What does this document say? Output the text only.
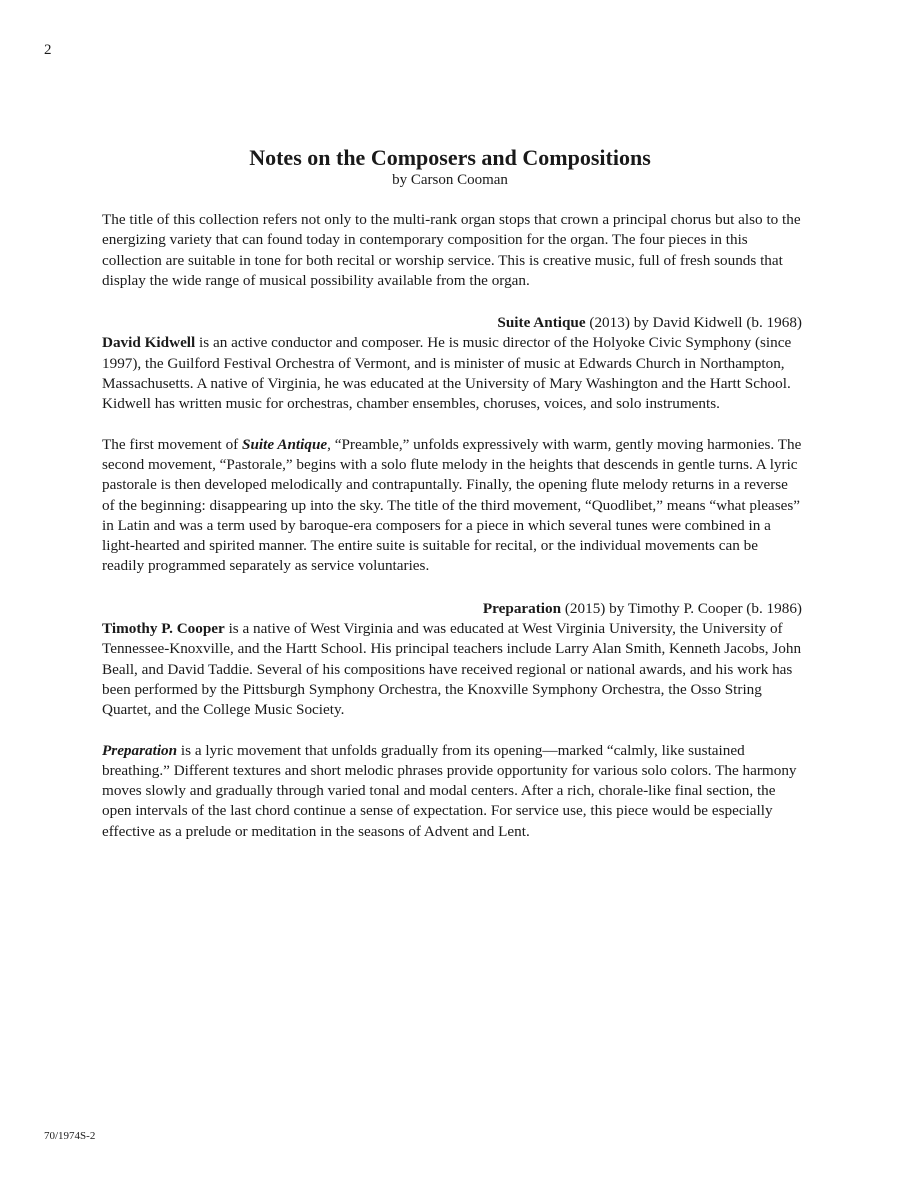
2
Notes on the Composers and Compositions
by Carson Cooman

The title of this collection refers not only to the multi-rank organ stops that crown a principal chorus but also to the energizing variety that can found today in contemporary composition for the organ. The four pieces in this collection are suitable in tone for both recital or worship service. This is creative music, full of fresh sounds that display the wide range of musical possibility available from the organ.

Suite Antique (2013) by David Kidwell (b. 1968)

David Kidwell is an active conductor and composer. He is music director of the Holyoke Civic Symphony (since 1997), the Guilford Festival Orchestra of Vermont, and is minister of music at Edwards Church in Northampton, Massachusetts. A native of Virginia, he was educated at the University of Mary Washington and the Hartt School. Kidwell has written music for orchestras, chamber ensembles, choruses, voices, and solo instruments.

The first movement of Suite Antique, “Preamble,” unfolds expressively with warm, gently moving harmonies. The second movement, “Pastorale,” begins with a solo flute melody in the heights that descends in gentle turns. A lyric pastorale is then developed melodically and contrapuntally. Finally, the opening flute melody returns in a reverse of the beginning: disappearing up into the sky. The title of the third movement, “Quodlibet,” means “what pleases” in Latin and was a term used by baroque-era composers for a piece in which several tunes were combined in a light-hearted and spirited manner. The entire suite is suitable for recital, or the individual movements can be readily programmed separately as service voluntaries.

Preparation (2015) by Timothy P. Cooper (b. 1986)

Timothy P. Cooper is a native of West Virginia and was educated at West Virginia University, the University of Tennessee-Knoxville, and the Hartt School. His principal teachers include Larry Alan Smith, Kenneth Jacobs, John Beall, and David Taddie. Several of his compositions have received regional or national awards, and his work has been performed by the Pittsburgh Symphony Orchestra, the Knoxville Symphony Orchestra, the Osso String Quartet, and the College Music Society.

Preparation is a lyric movement that unfolds gradually from its opening—marked “calmly, like sustained breathing.” Different textures and short melodic phrases provide opportunity for various solo colors. The harmony moves slowly and gradually through varied tonal and modal centers. After a rich, chorale-like final section, the open intervals of the last chord continue a sense of expectation. For service use, this piece would be especially effective as a prelude or meditation in the seasons of Advent and Lent.

70/1974S-2
